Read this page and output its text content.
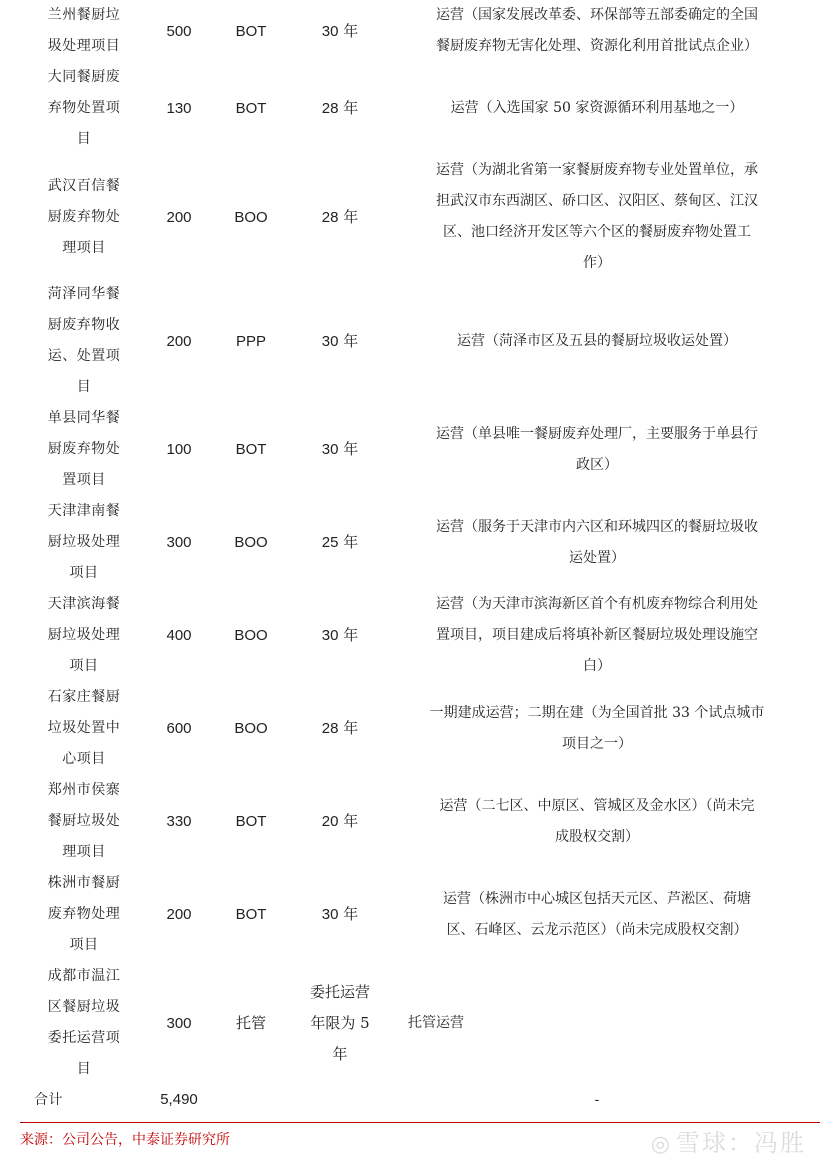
兰州餐厨垃
圾处理项目	500	BOT	30 年	运营（国家发展改革委、环保部等五部委确定的全国
餐厨废弃物无害化处理、资源化利用首批试点企业）

大同餐厨废
弃物处置项
目	130	BOT	28 年	运营（入选国家 50 家资源循环利用基地之一）

武汉百信餐
厨废弃物处
理项目	200	BOO	28 年	运营（为湖北省第一家餐厨废弃物专业处置单位，承
担武汉市东西湖区、硚口区、汉阳区、蔡甸区、江汉
区、池口经济开发区等六个区的餐厨废弃物处置工
作）

菏泽同华餐
厨废弃物收
运、处置项
目	200	PPP	30 年	运营（菏泽市区及五县的餐厨垃圾收运处置）

单县同华餐
厨废弃物处
置项目	100	BOT	30 年	运营（单县唯一餐厨废弃处理厂，主要服务于单县行
政区）

天津津南餐
厨垃圾处理
项目	300	BOO	25 年	运营（服务于天津市内六区和环城四区的餐厨垃圾收
运处置）

天津滨海餐
厨垃圾处理
项目	400	BOO	30 年	运营（为天津市滨海新区首个有机废弃物综合利用处
置项目，项目建成后将填补新区餐厨垃圾处理设施空
白）

石家庄餐厨
垃圾处置中
心项目	600	BOO	28 年	一期建成运营；二期在建（为全国首批 33 个试点城市
项目之一）

郑州市侯寨
餐厨垃圾处
理项目	330	BOT	20 年	运营（二七区、中原区、管城区及金水区）（尚未完
成股权交割）

株洲市餐厨
废弃物处理
项目	200	BOT	30 年	运营（株洲市中心城区包括天元区、芦淞区、荷塘
区、石峰区、云龙示范区）（尚未完成股权交割）

成都市温江
区餐厨垃圾
委托运营项
目	300	托管	委托运营
年限为 5
年	托管运营

合计	5,490			-
来源：公司公告，中泰证券研究所	◎ 雪球：冯胜
